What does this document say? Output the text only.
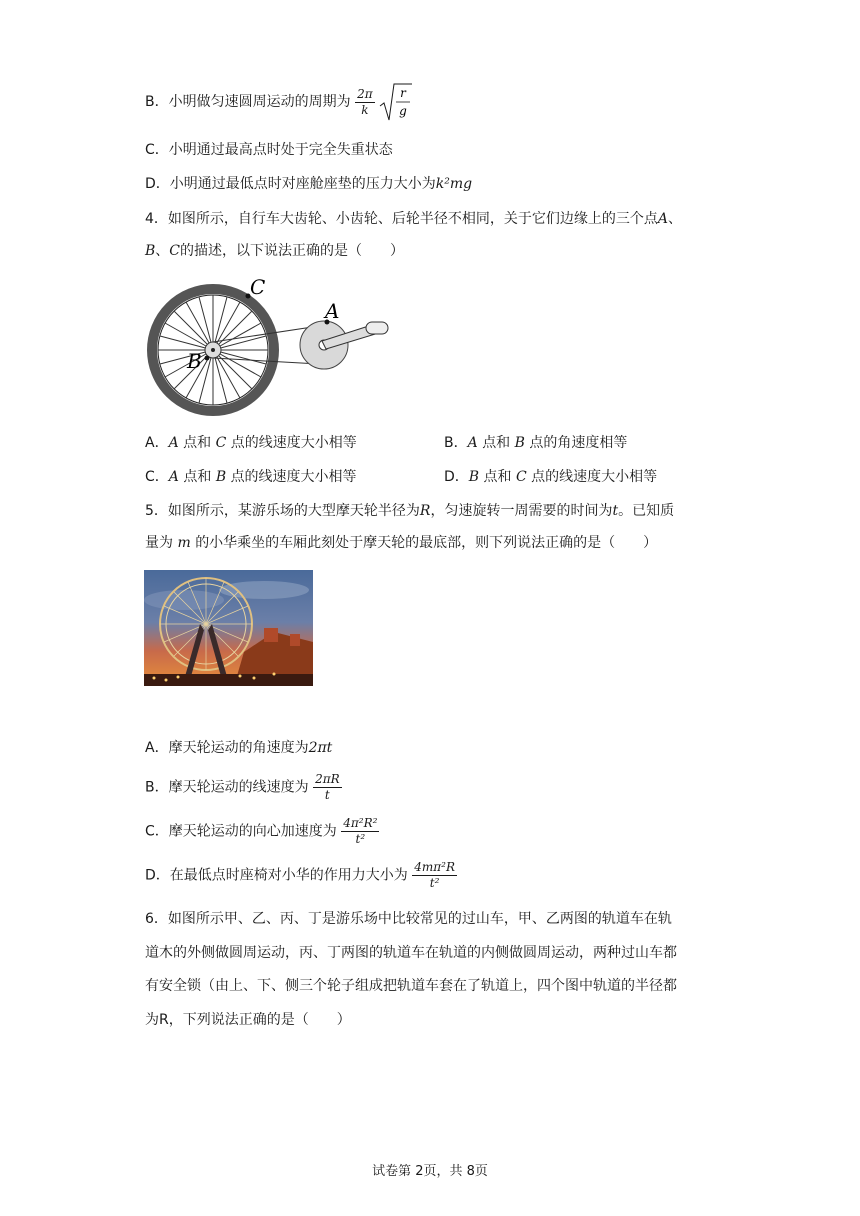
B．小明做匀速圆周运动的周期为 $\frac{2\pi}{k}$
r
g
C．小明通过最高点时处于完全失重状态
D．小明通过最低点时对座舱座垫的压力大小为k²mg
4．如图所示，自行车大齿轮、小齿轮、后轮半径不相同，关于它们边缘上的三个点A、
B、C的描述，以下说法正确的是（　　）
C
A
B
A．A 点和 C 点的线速度大小相等	B．A 点和 B 点的角速度相等
C．A 点和 B 点的线速度大小相等	D．B 点和 C 点的线速度大小相等
5．如图所示，某游乐场的大型摩天轮半径为R，匀速旋转一周需要的时间为t。已知质
量为 m 的小华乘坐的车厢此刻处于摩天轮的最底部，则下列说法正确的是（　　）
A．摩天轮运动的角速度为2πt
B．摩天轮运动的线速度为 $\frac{2\pi R}{t}$
C．摩天轮运动的向心加速度为 $\frac{\text{4π²R²}}{\text{t²}}$
D．在最低点时座椅对小华的作用力大小为 $\frac{\text{4mπ²R}}{\text{t²}}$
6．如图所示甲、乙、丙、丁是游乐场中比较常见的过山车，甲、乙两图的轨道车在轨
道木的外侧做圆周运动，丙、丁两图的轨道车在轨道的内侧做圆周运动，两种过山车都
有安全锁（由上、下、侧三个轮子组成把轨道车套在了轨道上，四个图中轨道的半径都
为R，下列说法正确的是（　　）
试卷第 2页，共 8页
